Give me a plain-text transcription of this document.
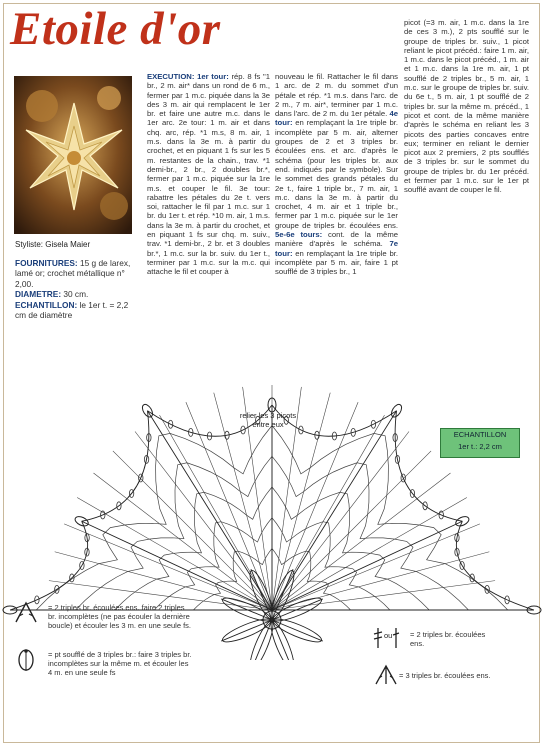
Etoile d'or
Styliste: Gisela Maier
FOURNITURES: 15 g de larex, lamé or; crochet métallique n° 2,00.
DIAMETRE: 30 cm.
ECHANTILLON: le 1er t. = 2,2 cm de diamètre

EXECUTION: 1er tour: rép. 8 fs "1 br., 2 m. air* dans un rond de 6 m., fermer par 1 m.c. piquée dans la 3e des 3 m. air qui remplacent le 1er br. et faire une autre m.c. dans le 1er arc. 2e tour: 1 m. air et dans chq. arc, rép. *1 m.s, 8 m. air, 1 m.s. dans la 3e m. à partir du crochet, et en piquant 1 fs sur les 5 m. restantes de la chain., trav. *1 demi-br., 2 br., 2 doubles br.*, fermer par 1 m.c. piquée sur la 1re m.s. et couper le fil. 3e tour: rabattre les pétales du 2e t. vers soi, rattacher le fil par 1 m.c. sur 1 br. du 1er t. et rép. *10 m. air, 1 m.s. dans la 3e m. à partir du crochet, et en piquant 1 fs sur chq. m. suiv., trav. *1 demi-br., 2 br. et 3 doubles br.*, 1 m.c. sur la br. suiv. du 1er t., terminer par 1 m.c. sur la m.c. qui attache le fil et couper à

nouveau le fil. Rattacher le fil dans 1 arc. de 2 m. du sommet d'un pétale et rép. *1 m.s. dans l'arc. de 2 m., 7 m. air*, terminer par 1 m.c. dans l'arc. de 2 m. du 1er pétale. 4e tour: en remplaçant la 1re triple br. incomplète par 5 m. air, alterner groupes de 2 et 3 triples br. écoulées ens. et arc. d'après le schéma (pour les triples br. aux end. indiqués par le symbole). Sur le sommet des grands pétales du 2e t., faire 1 triple br., 7 m. air, 1 m.c. dans la 3e m. à partir du crochet, 4 m. air et 1 triple br., fermer par 1 m.c. piquée sur le 1er groupe de triples br. écoulées ens. 5e-6e tours: cont. de la même manière d'après le schéma. 7e tour: en remplaçant la 1re triple br. incomplète par 5 m. air, faire 1 pt soufflé de 3 triples br., 1

picot (=3 m. air, 1 m.c. dans la 1re de ces 3 m.), 2 pts soufflé sur le groupe de triples br. suiv., 1 picot reliant le picot précéd.: faire 1 m. air, 1 m.c. dans le picot précéd., 1 m. air et 1 m.c. dans la 1re m. air, 1 pt soufflé de 2 triples br., 5 m. air, 1 m.c. sur le groupe de triples br. suiv. du 6e t., 5 m. air, 1 pt soufflé de 2 triples br. sur la même m. précéd., 1 picot et cont. de la même manière d'après le schéma en reliant les 3 picots des parties concaves entre eux; terminer en reliant le dernier picot aux 2 premiers, 2 pts soufflés de 3 triples br. sur le sommet du groupe de triples br. du 1er précéd. et fermer par 1 m.c. sur le 1er pt soufflé avant de couper le fil.

relier les 3 picots entre eux
ECHANTILLON
1er t.: 2,2 cm
= 2 triples br. écoulées ens. faire 2 triples br. incomplètes (ne pas écouler la dernière boucle) et écouler les 3 m. en une seule fs.
= pt soufflé de 3 triples br.: faire 3 triples br. incomplètes sur la même m. et écouler les 4 m. en une seule fs
ou = 2 triples br. écoulées ens.
= 3 triples br. écoulées ens.
